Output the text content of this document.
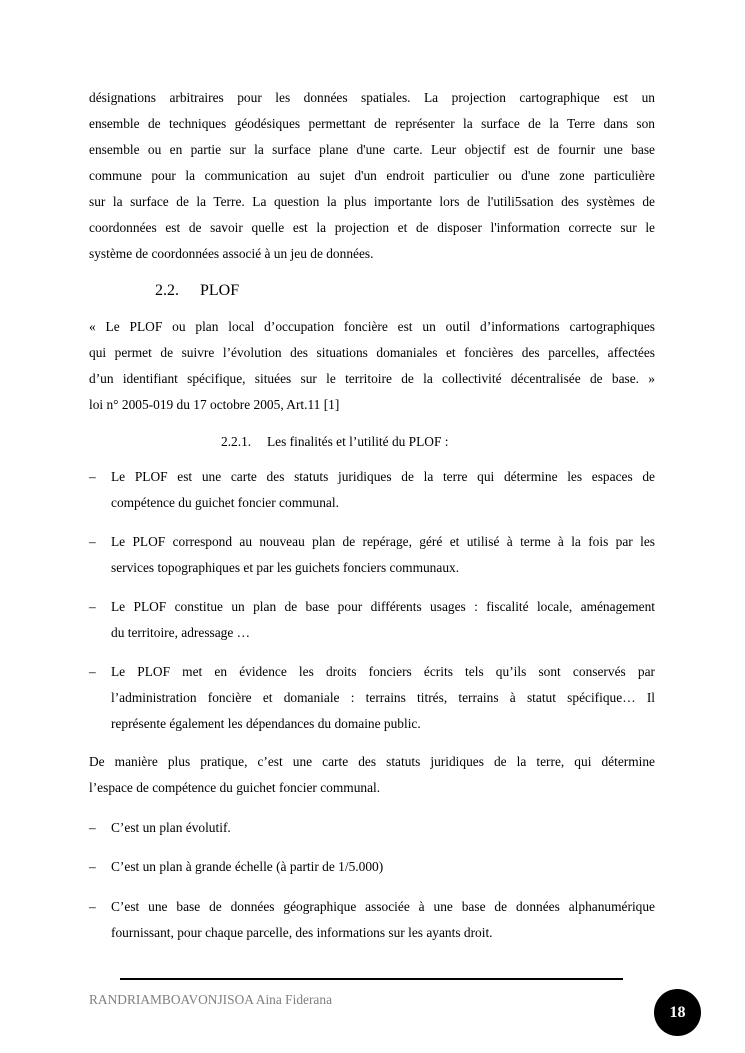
désignations arbitraires pour les données spatiales. La projection cartographique est un
ensemble de techniques géodésiques permettant de représenter la surface de la Terre dans son
ensemble ou en partie sur la surface plane d'une carte. Leur objectif est de fournir une base
commune pour la communication au sujet d'un endroit particulier ou d'une zone particulière
sur la surface de la Terre. La question la plus importante lors de l'utili5sation des systèmes de
coordonnées est de savoir quelle est la projection et de disposer l'information correcte sur le
système de coordonnées associé à un jeu de données.
2.2. PLOF
« Le PLOF ou plan local d’occupation foncière est un outil d’informations cartographiques
qui permet de suivre l’évolution des situations domaniales et foncières des parcelles, affectées
d’un identifiant spécifique, situées sur le territoire de la collectivité décentralisée de base. »
loi n° 2005-019 du 17 octobre 2005, Art.11 [1]
2.2.1. Les finalités et l’utilité du PLOF :
–	Le PLOF est une carte des statuts juridiques de la terre qui détermine les espaces de
compétence du guichet foncier communal.
–	Le PLOF correspond au nouveau plan de repérage, géré et utilisé à terme à la fois par les
services topographiques et par les guichets fonciers communaux.
–	Le PLOF constitue un plan de base pour différents usages : fiscalité locale, aménagement
du territoire, adressage …
–	Le PLOF met en évidence les droits fonciers écrits tels qu’ils sont conservés par
l’administration foncière et domaniale : terrains titrés, terrains à statut spécifique… Il
représente également les dépendances du domaine public.
De manière plus pratique, c’est une carte des statuts juridiques de la terre, qui détermine
l’espace de compétence du guichet foncier communal.
–	C’est un plan évolutif.
–	C’est un plan à grande échelle (à partir de 1/5.000)
–	C’est une base de données géographique associée à une base de données alphanumérique
fournissant, pour chaque parcelle, des informations sur les ayants droit.
RANDRIAMBOAVONJISOA Aina Fiderana
18
